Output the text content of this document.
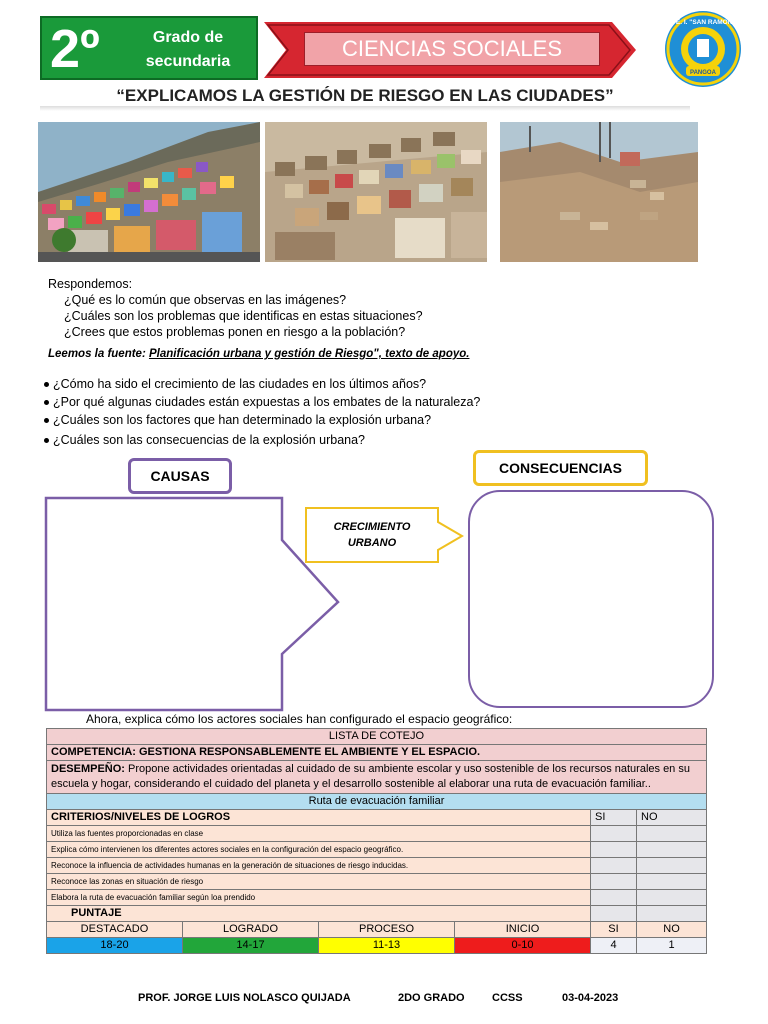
2º	Grado de secundaria
CIENCIAS SOCIALES
PANGOA
I. E. I. "SAN RAMON"
“EXPLICAMOS LA GESTIÓN DE RIESGO EN LAS CIUDADES”
Respondemos:
¿Qué es lo común que observas en las imágenes?
¿Cuáles son los problemas que identificas en estas situaciones?
¿Crees que estos problemas ponen en riesgo a la población?
Leemos la fuente: Planificación urbana y gestión de Riesgo", texto de apoyo.
¿Cómo ha sido el crecimiento de las ciudades en los últimos años?
¿Por qué algunas ciudades están expuestas a los embates de la naturaleza?
¿Cuáles son los factores que han determinado la explosión urbana?
¿Cuáles son las consecuencias de la explosión urbana?
CAUSAS	CONSECUENCIAS
CRECIMIENTO
URBANO
Ahora, explica cómo los actores sociales han configurado el espacio geográfico:
LISTA DE COTEJO					
COMPETENCIA: GESTIONA RESPONSABLEMENTE EL AMBIENTE Y EL ESPACIO.					
DESEMPEÑO: Propone actividades orientadas al cuidado de su ambiente escolar y uso sostenible de los recursos naturales en su escuela y hogar, considerando el cuidado del planeta y el desarrollo sostenible al elaborar una ruta de evacuación familiar..					
Ruta de evacuación familiar					
CRITERIOS/NIVELES DE LOGROS				SI	NO
Utiliza las fuentes proporcionadas en clase					
Explica cómo intervienen los diferentes actores sociales en la configuración del espacio geográfico.					
Reconoce la influencia de actividades humanas en la generación de situaciones de riesgo inducidas.					
Reconoce las zonas en situación de riesgo					
Elabora la ruta de evacuación familiar según loa prendido					
PUNTAJE					
DESTACADO	LOGRADO	PROCESO	INICIO	SI	NO
18-20	14-17	11-13	0-10	4	1
PROF. JORGE LUIS NOLASCO QUIJADA	2DO GRADO CCSS	03-04-2023
